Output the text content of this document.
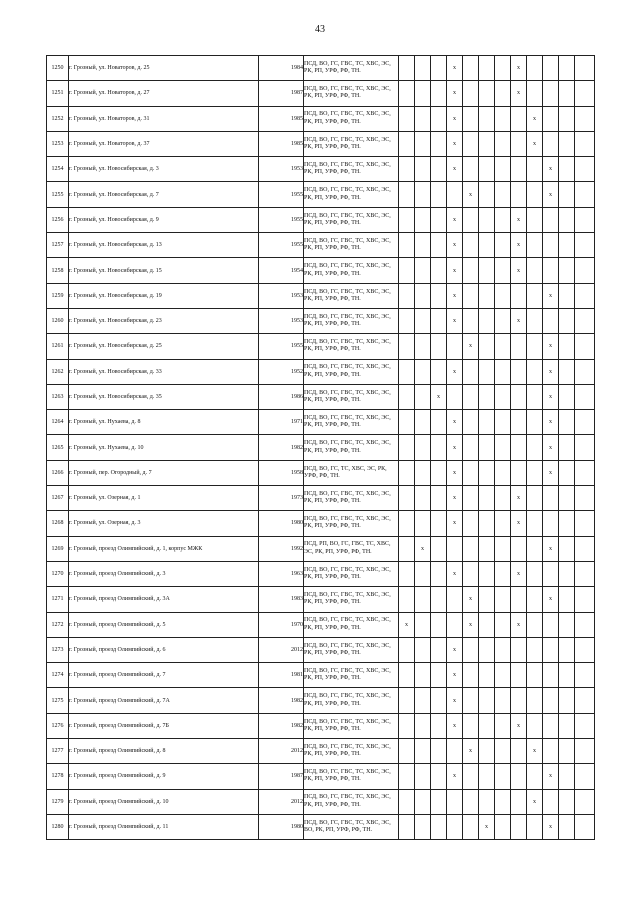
43
1250	г. Грозный, ул. Новаторов, д. 25	1984	ПСД, ВО, ГС, ГВС, ТС, ХВС, ЭС, РК, РП, УРФ, РФ, ТН.				х				х				
1251	г. Грозный, ул. Новаторов, д. 27	1987	ПСД, ВО, ГС, ГВС, ТС, ХВС, ЭС, РК, РП, УРФ, РФ, ТН.				х				х				
1252	г. Грозный, ул. Новаторов, д. 31	1985	ПСД, ВО, ГС, ГВС, ТС, ХВС, ЭС, РК, РП, УРФ, РФ, ТН.				х					х			
1253	г. Грозный, ул. Новаторов, д. 37	1985	ПСД, ВО, ГС, ГВС, ТС, ХВС, ЭС, РК, РП, УРФ, РФ, ТН.				х					х			
1254	г. Грозный, ул. Новосибирская, д. 3	1953	ПСД, ВО, ГС, ГВС, ТС, ХВС, ЭС, РК, РП, УРФ, РФ, ТН.				х						х		
1255	г. Грозный, ул. Новосибирская, д. 7	1955	ПСД, ВО, ГС, ГВС, ТС, ХВС, ЭС, РК, РП, УРФ, РФ, ТН.					х					х		
1256	г. Грозный, ул. Новосибирская, д. 9	1955	ПСД, ВО, ГС, ГВС, ТС, ХВС, ЭС, РК, РП, УРФ, РФ, ТН.				х				х				
1257	г. Грозный, ул. Новосибирская, д. 13	1955	ПСД, ВО, ГС, ГВС, ТС, ХВС, ЭС, РК, РП, УРФ, РФ, ТН.				х				х				
1258	г. Грозный, ул. Новосибирская, д. 15	1954	ПСД, ВО, ГС, ГВС, ТС, ХВС, ЭС, РК, РП, УРФ, РФ, ТН.				х				х				
1259	г. Грозный, ул. Новосибирская, д. 19	1953	ПСД, ВО, ГС, ГВС, ТС, ХВС, ЭС, РК, РП, УРФ, РФ, ТН.				х						х		
1260	г. Грозный, ул. Новосибирская, д. 23	1953	ПСД, ВО, ГС, ГВС, ТС, ХВС, ЭС, РК, РП, УРФ, РФ, ТН.				х				х				
1261	г. Грозный, ул. Новосибирская, д. 25	1955	ПСД, ВО, ГС, ГВС, ТС, ХВС, ЭС, РК, РП, УРФ, РФ, ТН.					х					х		
1262	г. Грозный, ул. Новосибирская, д. 33	1952	ПСД, ВО, ГС, ГВС, ТС, ХВС, ЭС, РК, РП, УРФ, РФ, ТН.				х						х		
1263	г. Грозный, ул. Новосибирская, д. 35	1986	ПСД, ВО, ГС, ГВС, ТС, ХВС, ЭС, РК, РП, УРФ, РФ, ТН.			х							х		
1264	г. Грозный, ул. Нухаева, д. 8	1971	ПСД, ВО, ГС, ГВС, ТС, ХВС, ЭС, РК, РП, УРФ, РФ, ТН.				х						х		
1265	г. Грозный, ул. Нухаева, д. 10	1982	ПСД, ВО, ГС, ГВС, ТС, ХВС, ЭС, РК, РП, УРФ, РФ, ТН.				х						х		
1266	г. Грозный, пер. Огородный, д. 7	1958	ПСД, ВО, ГС, ТС, ХВС, ЭС, РК, УРФ, РФ, ТН.				х						х		
1267	г. Грозный, ул. Озерная, д. 1	1973	ПСД, ВО, ГС, ГВС, ТС, ХВС, ЭС, РК, РП, УРФ, РФ, ТН.				х				х				
1268	г. Грозный, ул. Озерная, д. 3	1980	ПСД, ВО, ГС, ГВС, ТС, ХВС, ЭС, РК, РП, УРФ, РФ, ТН.				х				х				
1269	г. Грозный, проезд Олимпийский, д. 1, корпус МЖК	1992	ПСД, РП, ВО, ГС, ГВС, ТС, ХВС, ЭС, РК, РП, УРФ, РФ, ТН.		х								х		
1270	г. Грозный, проезд Олимпийский, д. 3	1963	ПСД, ВО, ГС, ГВС, ТС, ХВС, ЭС, РК, РП, УРФ, РФ, ТН.				х				х				
1271	г. Грозный, проезд Олимпийский, д. 3А	1983	ПСД, ВО, ГС, ГВС, ТС, ХВС, ЭС, РК, РП, УРФ, РФ, ТН.					х					х		
1272	г. Грозный, проезд Олимпийский, д. 5	1970	ПСД, ВО, ГС, ГВС, ТС, ХВС, ЭС, РК, РП, УРФ, РФ, ТН.	х				х			х				
1273	г. Грозный, проезд Олимпийский, д. 6	2012	ПСД, ВО, ГС, ГВС, ТС, ХВС, ЭС, РК, РП, УРФ, РФ, ТН.				х								
1274	г. Грозный, проезд Олимпийский, д. 7	1981	ПСД, ВО, ГС, ГВС, ТС, ХВС, ЭС, РК, РП, УРФ, РФ, ТН.				х								
1275	г. Грозный, проезд Олимпийский, д. 7А	1982	ПСД, ВО, ГС, ГВС, ТС, ХВС, ЭС, РК, РП, УРФ, РФ, ТН.				х								
1276	г. Грозный, проезд Олимпийский, д. 7Б	1982	ПСД, ВО, ГС, ГВС, ТС, ХВС, ЭС, РК, РП, УРФ, РФ, ТН.				х				х				
1277	г. Грозный, проезд Олимпийский, д. 8	2012	ПСД, ВО, ГС, ГВС, ТС, ХВС, ЭС, РК, РП, УРФ, РФ, ТН.					х				х			
1278	г. Грозный, проезд Олимпийский, д. 9	1987	ПСД, ВО, ГС, ГВС, ТС, ХВС, ЭС, РК, РП, УРФ, РФ, ТН.				х						х		
1279	г. Грозный, проезд Олимпийский, д. 10	2012	ПСД, ВО, ГС, ГВС, ТС, ХВС, ЭС, РК, РП, УРФ, РФ, ТН.									х			
1280	г. Грозный, проезд Олимпийский, д. 11	1980	ПСД, ВО, ГС, ГВС, ТС, ХВС, ЭС, ВО, РК, РП, УРФ, РФ, ТН.						х				х		
